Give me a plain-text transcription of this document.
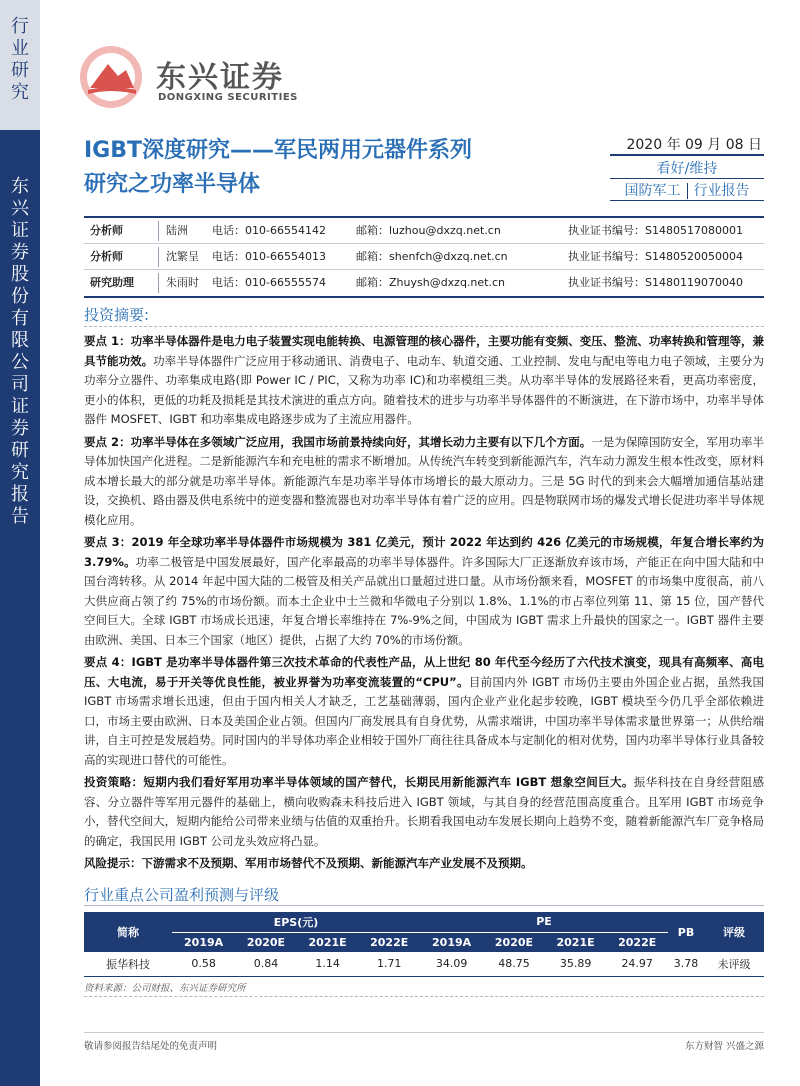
行业研究
东兴证券股份有限公司证券研究报告
东兴证券
DONGXING SECURITIES
IGBT深度研究——军民两用元器件系列
研究之功率半导体
2020 年 09 月 08 日
看好/维持
国防军工 行业报告
分析师	陆洲 电话：010-66554142	邮箱：luzhou@dxzq.net.cn	执业证书编号：S1480517080001
分析师	沈繁呈 电话：010-66554013	邮箱：shenfch@dxzq.net.cn	执业证书编号：S1480520050004
研究助理	朱雨时 电话：010-66555574	邮箱：Zhuysh@dxzq.net.cn	执业证书编号：S1480119070040
投资摘要:

要点 1：功率半导体器件是电力电子装置实现电能转换、电源管理的核心器件，主要功能有变频、变压、整流、功率转换和管理等，兼具节能功效。功率半导体器件广泛应用于移动通讯、消费电子、电动车、轨道交通、工业控制、发电与配电等电力电子领域，主要分为功率分立器件、功率集成电路(即 Power IC / PIC，又称为功率 IC)和功率模组三类。从功率半导体的发展路径来看，更高功率密度，更小的体积，更低的功耗及损耗是其技术演进的重点方向。随着技术的进步与功率半导体器件的不断演进，在下游市场中，功率半导体器件 MOSFET、IGBT 和功率集成电路逐步成为了主流应用器件。

要点 2：功率半导体在多领域广泛应用，我国市场前景持续向好，其增长动力主要有以下几个方面。一是为保障国防安全，军用功率半导体加快国产化进程。二是新能源汽车和充电桩的需求不断增加。从传统汽车转变到新能源汽车，汽车动力源发生根本性改变，原材料成本增长最大的部分就是功率半导体。新能源汽车是功率半导体市场增长的最大原动力。三是 5G 时代的到来会大幅增加通信基站建设，交换机、路由器及供电系统中的逆变器和整流器也对功率半导体有着广泛的应用。四是物联网市场的爆发式增长促进功率半导体规模化应用。

要点 3：2019 年全球功率半导体器件市场规模为 381 亿美元，预计 2022 年达到约 426 亿美元的市场规模，年复合增长率约为 3.79%。功率二极管是中国发展最好，国产化率最高的功率半导体器件。许多国际大厂正逐渐放弃该市场，产能正在向中国大陆和中国台湾转移。从 2014 年起中国大陆的二极管及相关产品就出口量超过进口量。从市场份额来看，MOSFET 的市场集中度很高，前八大供应商占领了约 75%的市场份额。而本土企业中士兰微和华微电子分别以 1.8%、1.1%的市占率位列第 11、第 15 位，国产替代空间巨大。全球 IGBT 市场成长迅速，年复合增长率维持在 7%-9%之间，中国成为 IGBT 需求上升最快的国家之一。IGBT 器件主要由欧洲、美国、日本三个国家（地区）提供，占据了大约 70%的市场份额。

要点 4：IGBT 是功率半导体器件第三次技术革命的代表性产品，从上世纪 80 年代至今经历了六代技术演变，现具有高频率、高电压、大电流，易于开关等优良性能，被业界誉为功率变流装置的“CPU”。目前国内外 IGBT 市场仍主要由外国企业占据，虽然我国 IGBT 市场需求增长迅速，但由于国内相关人才缺乏，工艺基础薄弱，国内企业产业化起步较晚，IGBT 模块至今仍几乎全部依赖进口，市场主要由欧洲、日本及美国企业占领。但国内厂商发展具有自身优势，从需求端讲，中国功率半导体需求量世界第一；从供给端讲，自主可控是发展趋势。同时国内的半导体功率企业相较于国外厂商往往具备成本与定制化的相对优势，国内功率半导体行业具备较高的实现进口替代的可能性。

投资策略：短期内我们看好军用功率半导体领域的国产替代，长期民用新能源汽车 IGBT 想象空间巨大。振华科技在自身经营阻感容、分立器件等军用元器件的基础上，横向收购森未科技后进入 IGBT 领域，与其自身的经营范围高度重合。且军用 IGBT 市场竞争小，替代空间大，短期内能给公司带来业绩与估值的双重抬升。长期看我国电动车发展长期向上趋势不变，随着新能源汽车厂竞争格局的确定，我国民用 IGBT 公司龙头效应将凸显。

风险提示：下游需求不及预期、军用市场替代不及预期、新能源汽车产业发展不及预期。

行业重点公司盈利预测与评级
简称	EPS(元)				PE				PB	评级
	2019A	2020E	2021E	2022E	2019A	2020E	2021E	2022E		
振华科技	0.58	0.84	1.14	1.71	34.09	48.75	35.89	24.97	3.78	未评级
资料来源：公司财报、东兴证券研究所
敬请参阅报告结尾处的免责声明	东方财智 兴盛之源
